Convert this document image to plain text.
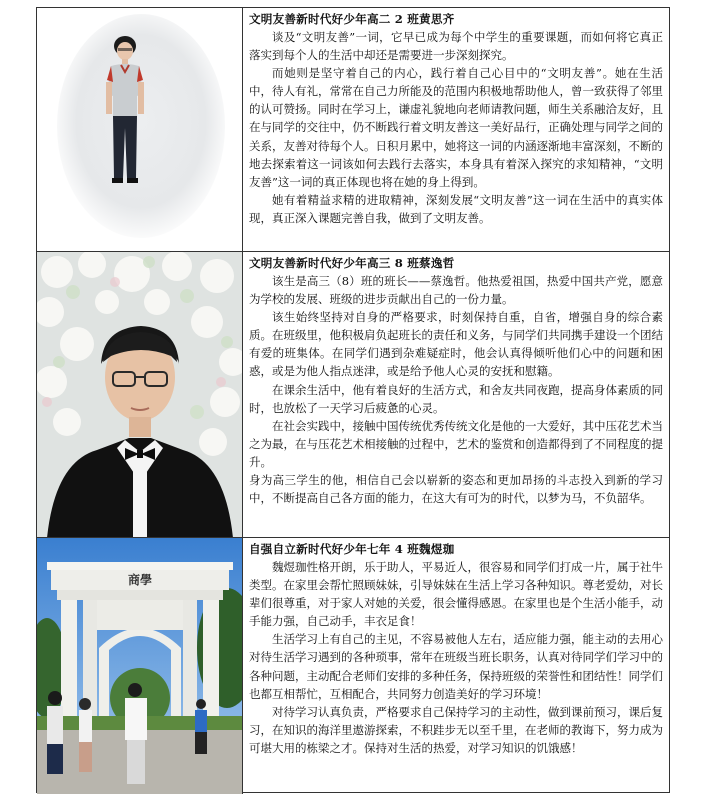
文明友善新时代好少年高二 2 班黄思齐

谈及“文明友善”一词，它早已成为每个中学生的重要课题，而如何将它真正落实到每个人的生活中却还是需要进一步深刻探究。

而她则是坚守着自己的内心，践行着自己心目中的“文明友善”。她在生活中，待人有礼，常常在自己力所能及的范围内积极地帮助他人，曾一致获得了邻里的认可赞扬。同时在学习上，谦虚礼貌地向老师请教问题，师生关系融洽友好，且在与同学的交往中，仍不断践行着文明友善这一美好品行，正确处理与同学之间的关系，友善对待每个人。日积月累中，她将这一词的内涵逐渐地丰富深刻，不断的地去探索着这一词该如何去践行去落实，本身具有着深入探究的求知精神，“文明友善”这一词的真正体现也将在她的身上得到。

她有着精益求精的进取精神，深刻发展“文明友善”这一词在生活中的真实体现，真正深入课题完善自我，做到了文明友善。

文明友善新时代好少年高三 8 班蔡逸哲

该生是高三（8）班的班长——蔡逸哲。他热爱祖国，热爱中国共产党，愿意为学校的发展、班级的进步贡献出自己的一份力量。

该生始终坚持对自身的严格要求，时刻保持自重，自省，增强自身的综合素质。在班级里，他积极肩负起班长的责任和义务，与同学们共同携手建设一个团结有爱的班集体。在同学们遇到杂难疑症时，他会认真得倾听他们心中的问题和困惑，或是为他人指点迷津，或是给予他人心灵的安抚和慰籍。

在课余生活中，他有着良好的生活方式，和舍友共同夜跑，提高身体素质的同时，也放松了一天学习后疲惫的心灵。

在社会实践中，接触中国传统优秀传统文化是他的一大爱好，其中压花艺术当之为最，在与压花艺术相接触的过程中，艺术的鉴赏和创造都得到了不同程度的提升。

身为高三学生的他，相信自己会以崭新的姿态和更加昂扬的斗志投入到新的学习中，不断提高自己各方面的能力，在这大有可为的时代，以梦为马，不负韶华。

商學
自强自立新时代好少年七年 4 班魏煜珈

魏煜珈性格开朗，乐于助人，平易近人，很容易和同学们打成一片，属于社牛类型。在家里会帮忙照顾妹妹，引导妹妹在生活上学习各种知识。尊老爱幼，对长辈们很尊重，对于家人对她的关爱，很会懂得感恩。在家里也是个生活小能手，动手能力强，自己动手，丰衣足食！

生活学习上有自己的主见，不容易被他人左右，适应能力强，能主动的去用心对待生活学习遇到的各种琐事，常年在班级当班长职务，认真对待同学们学习中的各种问题，主动配合老师们安排的多种任务，保持班级的荣誉性和团结性！同学们也都互相帮忙，互相配合，共同努力创造美好的学习环境！

对待学习认真负责，严格要求自己保持学习的主动性，做到课前预习，课后复习，在知识的海洋里遨游探索，不积跬步无以至千里，在老师的教诲下，努力成为可堪大用的栋梁之才。保持对生活的热爱，对学习知识的饥饿感！
